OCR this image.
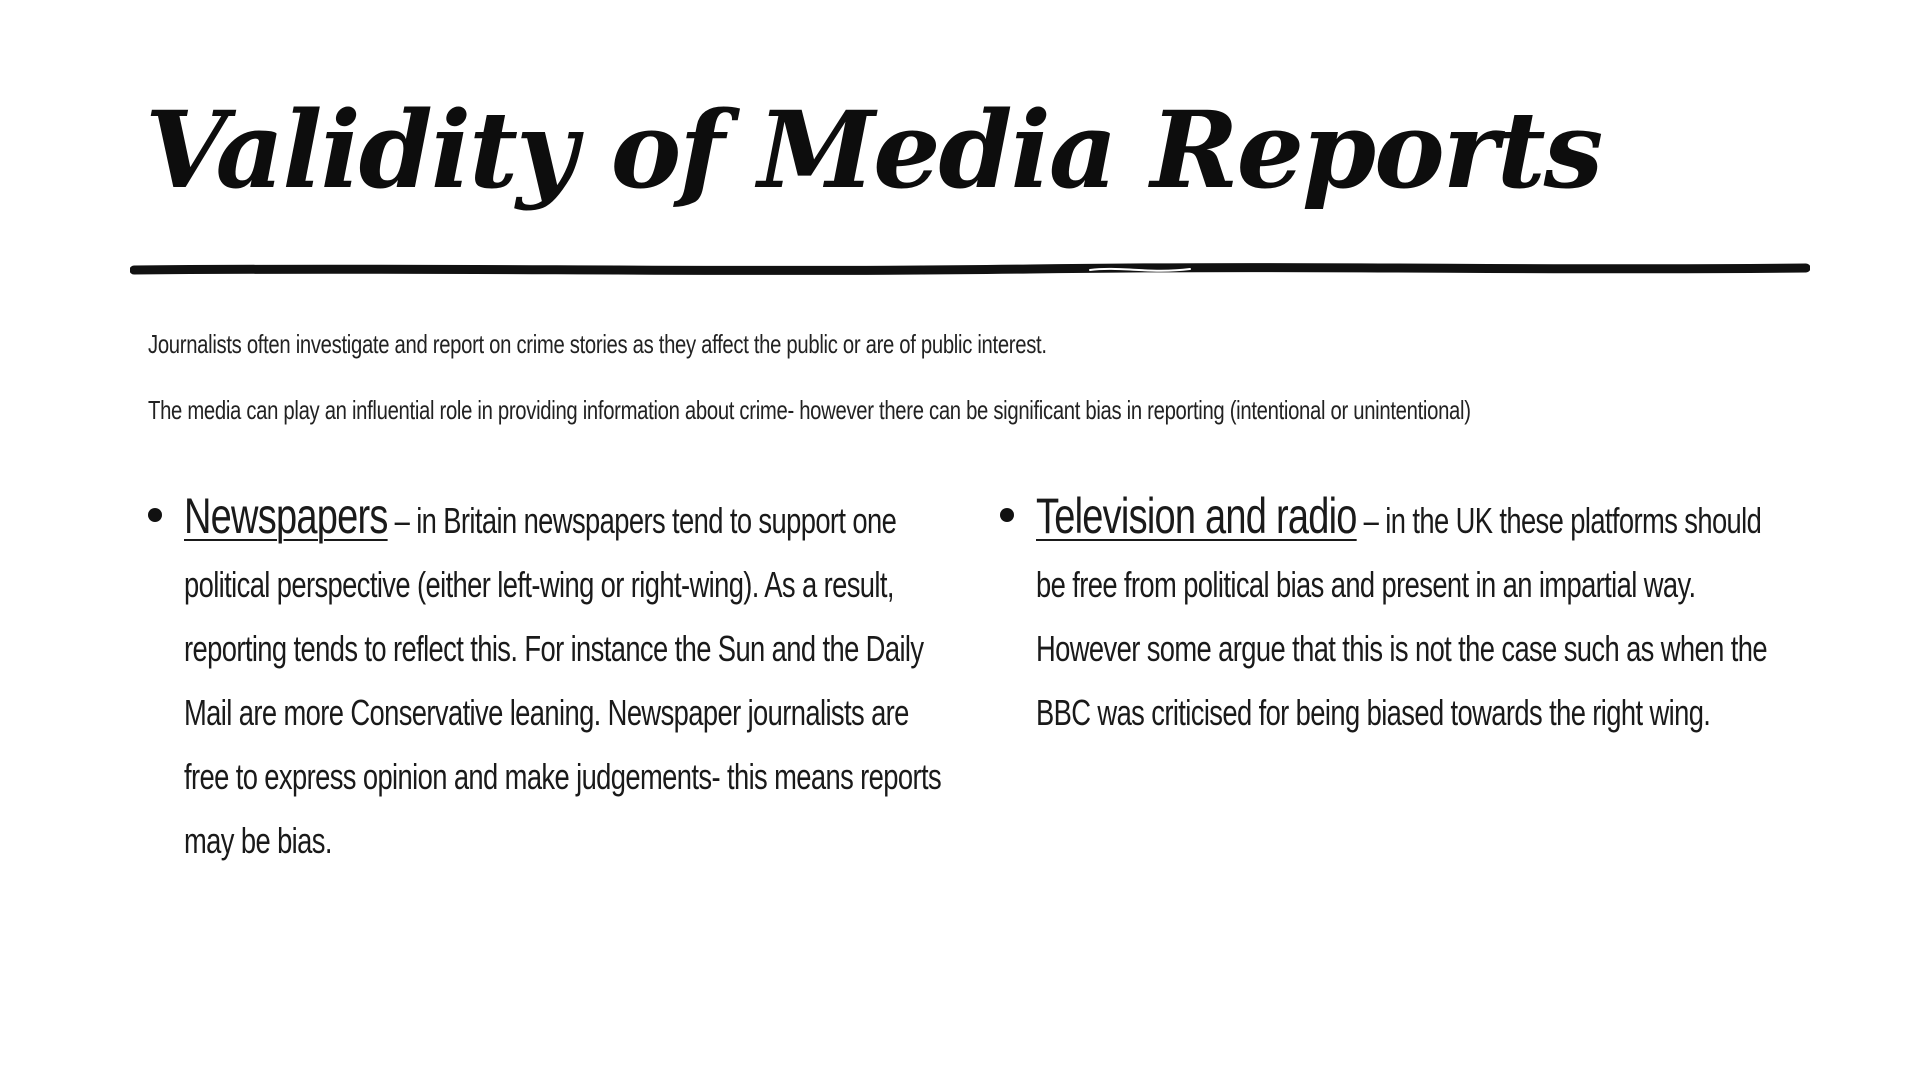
Validity of Media Reports

Journalists often investigate and report on crime stories as they affect the public or are of public interest.

The media can play an influential role in providing information about crime- however there can be significant bias in reporting (intentional or unintentional)

Newspapers – in Britain newspapers tend to support one political perspective (either left-wing or right-wing). As a result, reporting tends to reflect this. For instance the Sun and the Daily Mail are more Conservative leaning. Newspaper journalists are free to express opinion and make judgements- this means reports may be bias.

Television and radio – in the UK these platforms should be free from political bias and present in an impartial way. However some argue that this is not the case such as when the BBC was criticised for being biased towards the right wing.
